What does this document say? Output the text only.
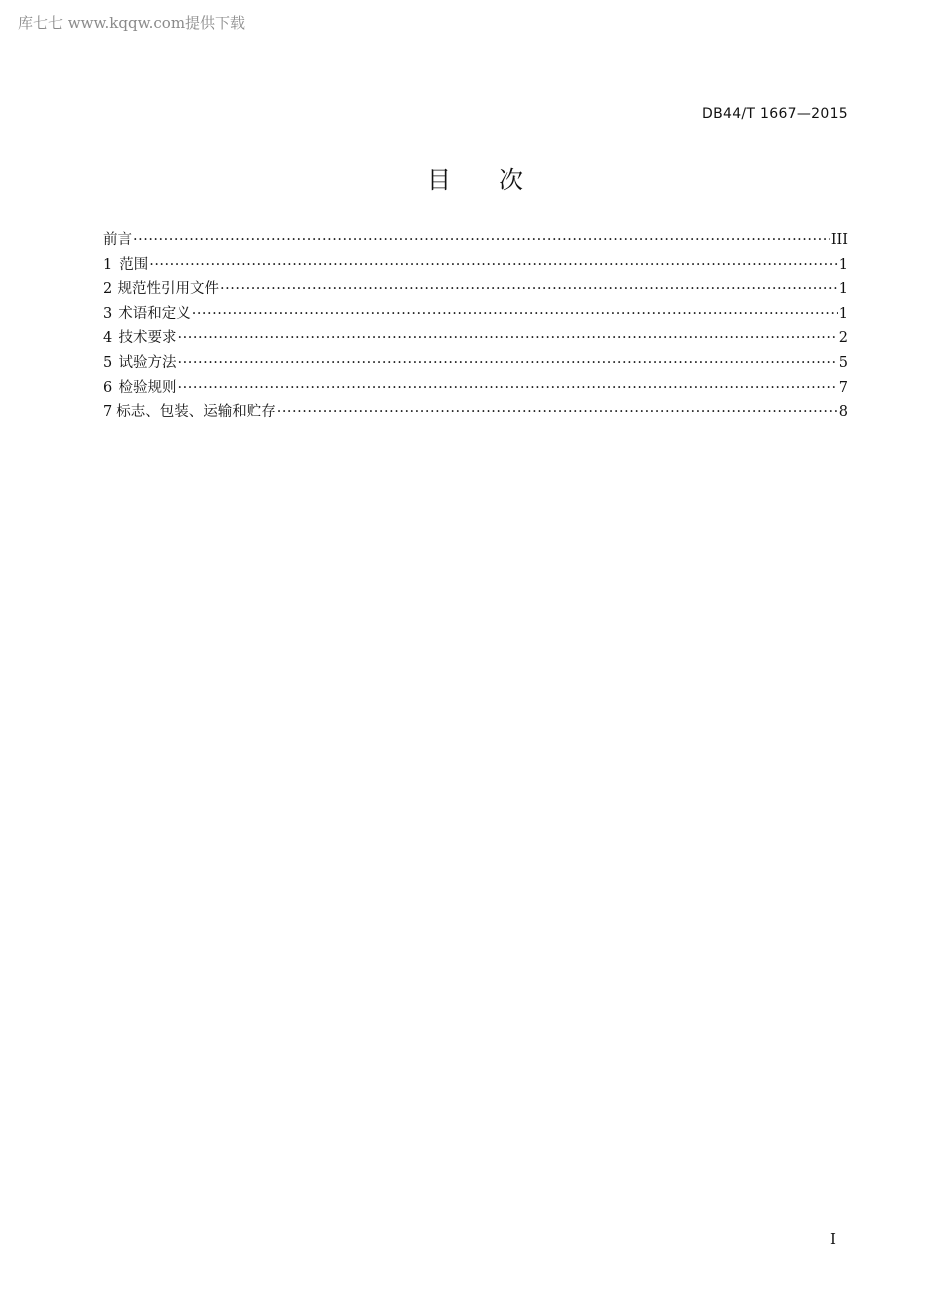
库七七 www.kqqw.com提供下载
DB44/T 1667—2015
目次
前言 ·····	III
1 范围 ·····	1
2 规范性引用文件 ·····	1
3 术语和定义 ·····	1
4 技术要求 ·····	2
5 试验方法 ·····	5
6 检验规则 ·····	7
7 标志、包装、运输和贮存 ·····	8
I
